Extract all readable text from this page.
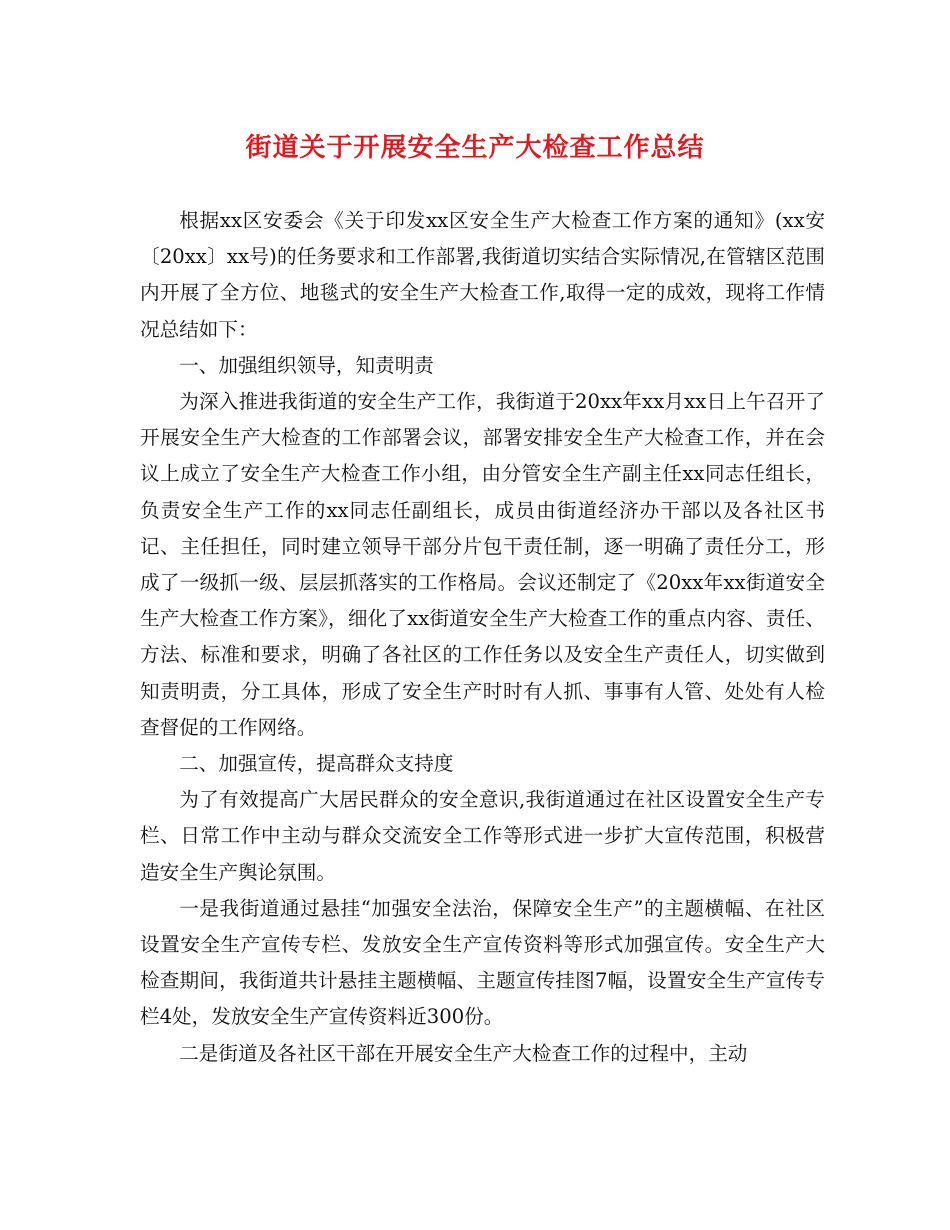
街道关于开展安全生产大检查工作总结

根据xx区安委会《关于印发xx区安全生产大检查工作方案的通知》(xx安〔20xx〕xx号)的任务要求和工作部署,我街道切实结合实际情况,在管辖区范围内开展了全方位、地毯式的安全生产大检查工作,取得一定的成效，现将工作情况总结如下：

一、加强组织领导，知责明责

为深入推进我街道的安全生产工作，我街道于20xx年xx月xx日上午召开了开展安全生产大检查的工作部署会议，部署安排安全生产大检查工作，并在会议上成立了安全生产大检查工作小组，由分管安全生产副主任xx同志任组长，负责安全生产工作的xx同志任副组长，成员由街道经济办干部以及各社区书记、主任担任，同时建立领导干部分片包干责任制，逐一明确了责任分工，形成了一级抓一级、层层抓落实的工作格局。会议还制定了《20xx年xx街道安全生产大检查工作方案》，细化了xx街道安全生产大检查工作的重点内容、责任、方法、标准和要求，明确了各社区的工作任务以及安全生产责任人，切实做到知责明责，分工具体，形成了安全生产时时有人抓、事事有人管、处处有人检查督促的工作网络。

二、加强宣传，提高群众支持度

为了有效提高广大居民群众的安全意识,我街道通过在社区设置安全生产专栏、日常工作中主动与群众交流安全工作等形式进一步扩大宣传范围，积极营造安全生产舆论氛围。

一是我街道通过悬挂“加强安全法治，保障安全生产”的主题横幅、在社区设置安全生产宣传专栏、发放安全生产宣传资料等形式加强宣传。安全生产大检查期间，我街道共计悬挂主题横幅、主题宣传挂图7幅，设置安全生产宣传专栏4处，发放安全生产宣传资料近300份。

二是街道及各社区干部在开展安全生产大检查工作的过程中，主动
